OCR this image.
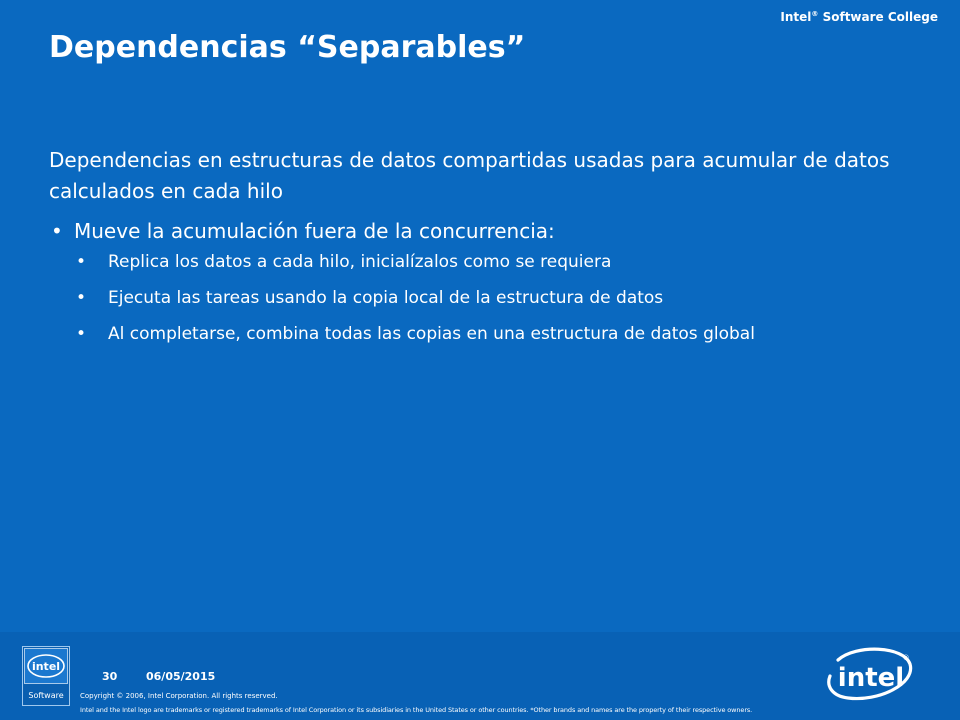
Intel® Software College
Dependencias “Separables”

Dependencias en estructuras de datos compartidas usadas para acumular de datos calculados en cada hilo

• Mueve la acumulación fuera de la concurrencia:
• Replica los datos a cada hilo, inicialízalos como se requiera
• Ejecuta las tareas usando la copia local de la estructura de datos
• Al completarse, combina todas las copias en una estructura de datos global
intel
Software
30	06/05/2015
Copyright © 2006, Intel Corporation. All rights reserved.
Intel and the Intel logo are trademarks or registered trademarks of Intel Corporation or its subsidiaries in the United States or other countries. *Other brands and names are the property of their respective owners.
intel
®
